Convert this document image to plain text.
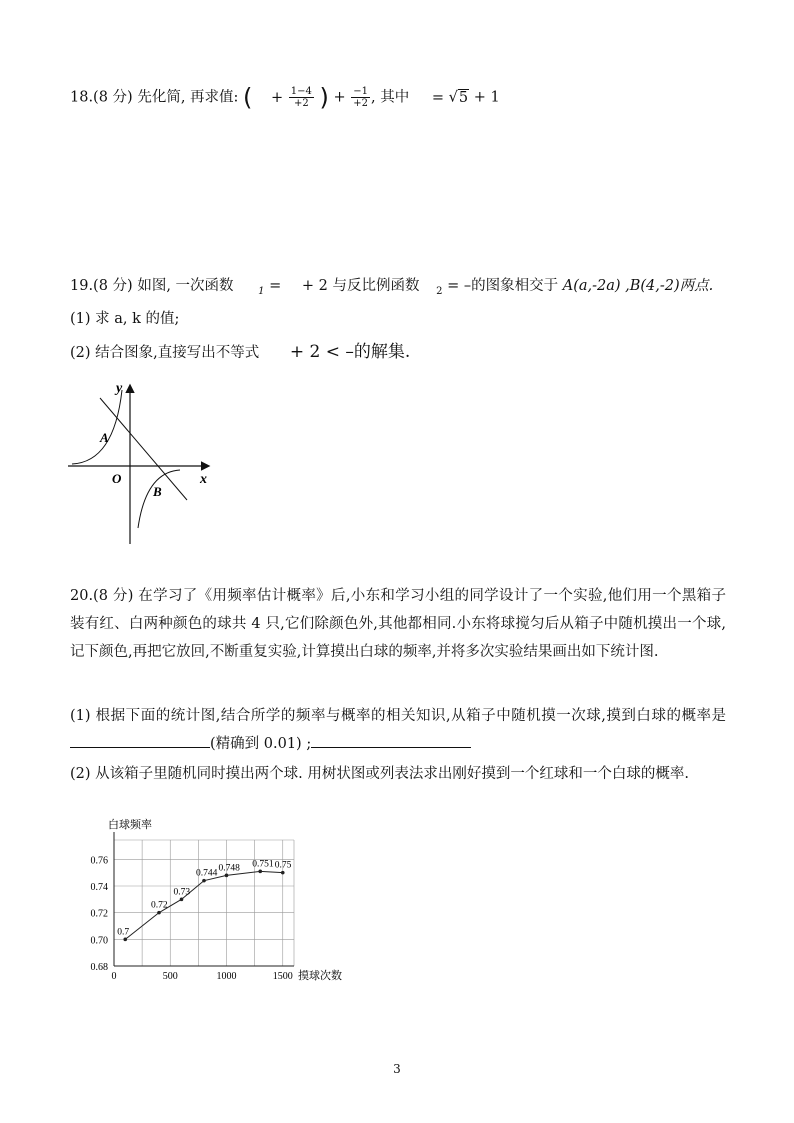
18.(8 分) 先化简, 再求值: ( + $\frac{1-4}{+2}$ ) + $\frac{-1}{+2}$ , 其中 = √5 + 1
19.(8 分) 如图, 一次函数 $_1$ = + 2 与反比例函数 $_2$ = –的图象相交于 A(a,-2a) ,B(4,-2)两点.
(1) 求 a, k 的值;
(2) 结合图象,直接写出不等式 + 2 < –的解集.
y
x
O
A
B
20.(8 分) 在学习了《用频率估计概率》后,小东和学习小组的同学设计了一个实验,他们用一个黑箱子装有红、白两种颜色的球共 4 只,它们除颜色外,其他都相同.小东将球搅匀后从箱子中随机摸出一个球,记下颜色,再把它放回,不断重复实验,计算摸出白球的频率,并将多次实验结果画出如下统计图.
(1) 根据下面的统计图,结合所学的频率与概率的相关知识,从箱子中随机摸一次球,摸到白球的概率是(精确到 0.01) ;
(2) 从该箱子里随机同时摸出两个球. 用树状图或列表法求出刚好摸到一个红球和一个白球的概率.
0.68
0.70
0.72
0.74
0.76
0	500	1000	1500
白球频率
摸球次数
0.7
0.72
0.73
0.744
0.748 0.751 0.75
3
